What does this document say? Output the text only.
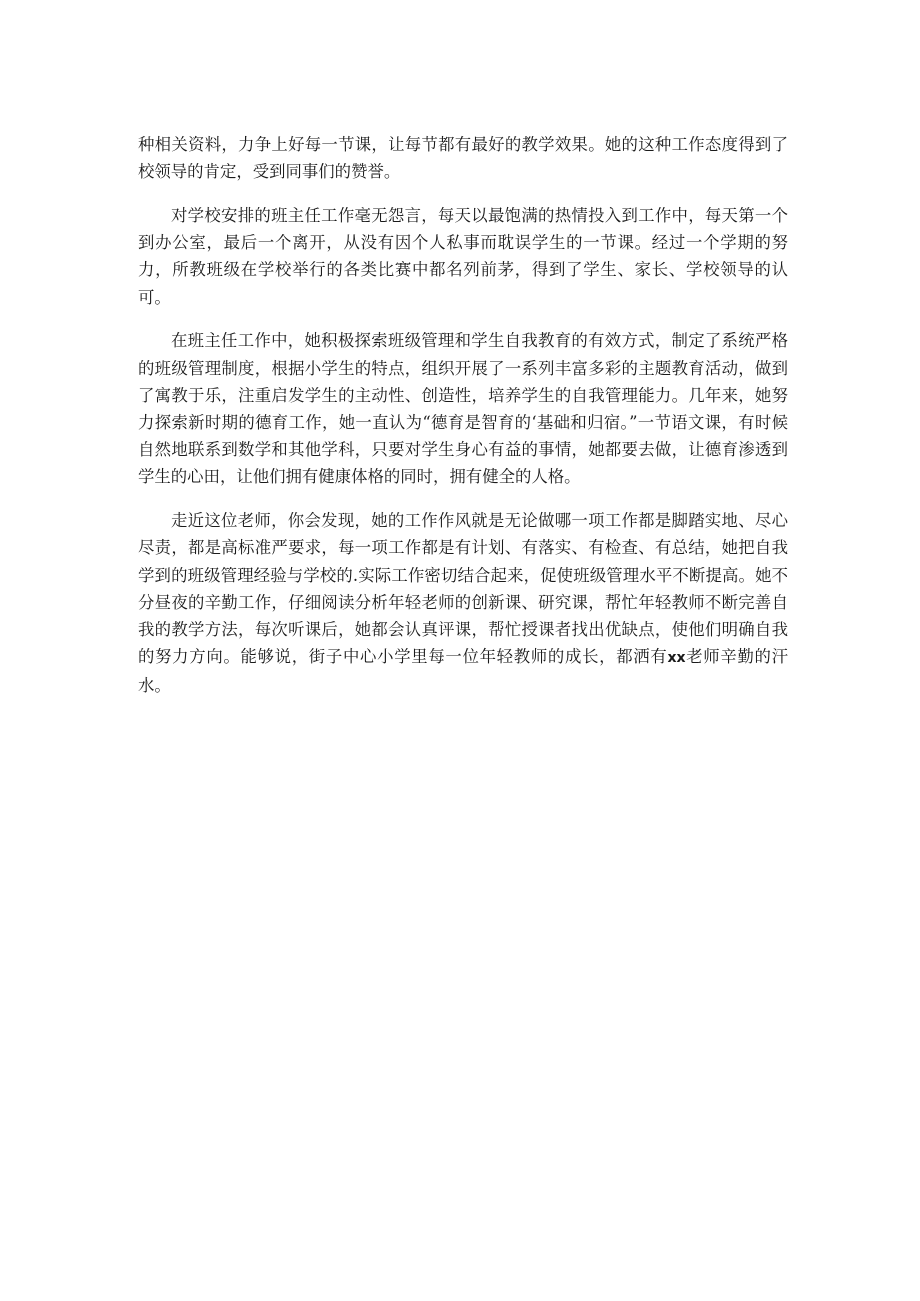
种相关资料，力争上好每一节课，让每节都有最好的教学效果。她的这种工作态度得到了校领导的肯定，受到同事们的赞誉。

对学校安排的班主任工作毫无怨言，每天以最饱满的热情投入到工作中，每天第一个到办公室，最后一个离开，从没有因个人私事而耽误学生的一节课。经过一个学期的努力，所教班级在学校举行的各类比赛中都名列前茅，得到了学生、家长、学校领导的认可。

在班主任工作中，她积极探索班级管理和学生自我教育的有效方式，制定了系统严格的班级管理制度，根据小学生的特点，组织开展了一系列丰富多彩的主题教育活动，做到了寓教于乐，注重启发学生的主动性、创造性，培养学生的自我管理能力。几年来，她努力探索新时期的德育工作，她一直认为“德育是智育的‘基础和归宿。”一节语文课，有时候自然地联系到数学和其他学科，只要对学生身心有益的事情，她都要去做，让德育渗透到学生的心田，让他们拥有健康体格的同时，拥有健全的人格。

走近这位老师，你会发现，她的工作作风就是无论做哪一项工作都是脚踏实地、尽心尽责，都是高标准严要求，每一项工作都是有计划、有落实、有检查、有总结，她把自我学到的班级管理经验与学校的.实际工作密切结合起来，促使班级管理水平不断提高。她不分昼夜的辛勤工作，仔细阅读分析年轻老师的创新课、研究课，帮忙年轻教师不断完善自我的教学方法，每次听课后，她都会认真评课，帮忙授课者找出优缺点，使他们明确自我的努力方向。能够说，街子中心小学里每一位年轻教师的成长，都洒有xx老师辛勤的汗水。
